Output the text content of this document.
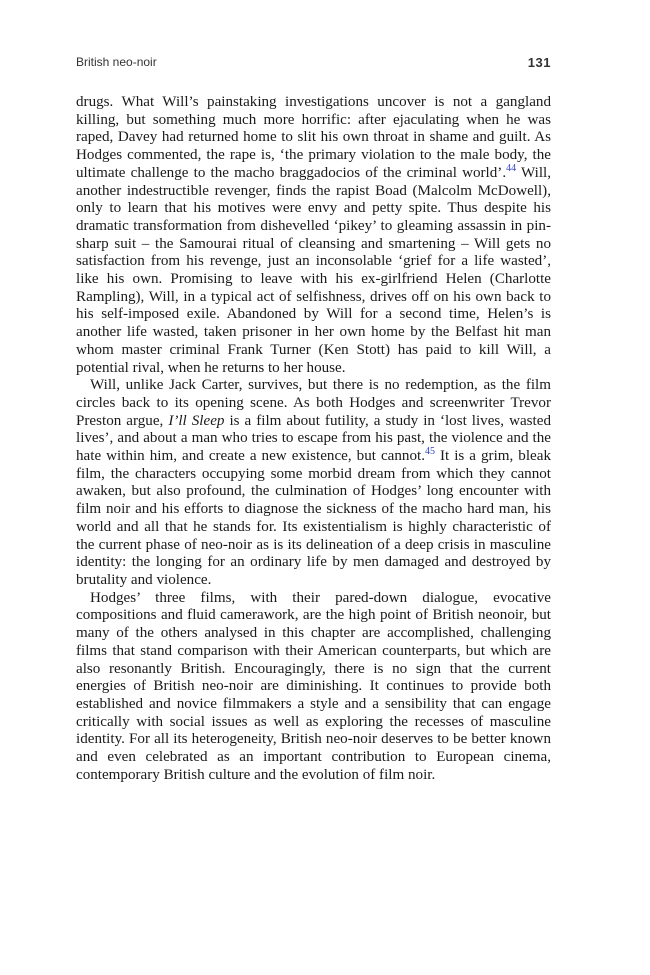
British neo-noir	131

drugs. What Will’s painstaking investigations uncover is not a gangland killing, but something much more horrific: after ejaculating when he was raped, Davey had returned home to slit his own throat in shame and guilt. As Hodges commented, the rape is, ‘the primary violation to the male body, the ultimate challenge to the macho braggadocios of the criminal world’.$^{44}$ Will, another indestructible revenger, finds the rapist Boad (Malcolm McDowell), only to learn that his motives were envy and petty spite. Thus despite his dramatic transformation from dishevelled ‘pikey’ to gleaming assassin in pin-sharp suit – the Samourai ritual of cleansing and smartening – Will gets no satisfaction from his revenge, just an inconsolable ‘grief for a life wasted’, like his own. Promising to leave with his ex-girlfriend Helen (Charlotte Rampling), Will, in a typical act of selfishness, drives off on his own back to his self-imposed exile. Abandoned by Will for a second time, Helen’s is another life wasted, taken prisoner in her own home by the Belfast hit man whom master criminal Frank Turner (Ken Stott) has paid to kill Will, a potential rival, when he returns to her house.

Will, unlike Jack Carter, survives, but there is no redemption, as the film circles back to its opening scene. As both Hodges and screenwriter Trevor Preston argue, I’ll Sleep is a film about futility, a study in ‘lost lives, wasted lives’, and about a man who tries to escape from his past, the violence and the hate within him, and create a new existence, but cannot.$^{45}$ It is a grim, bleak film, the characters occupying some morbid dream from which they cannot awaken, but also profound, the culmination of Hodges’ long encounter with film noir and his efforts to diagnose the sickness of the macho hard man, his world and all that he stands for. Its existentialism is highly characteristic of the current phase of neo-noir as is its delineation of a deep crisis in masculine identity: the longing for an ordinary life by men damaged and destroyed by brutality and violence.

Hodges’ three films, with their pared-down dialogue, evocative compositions and fluid camerawork, are the high point of British neonoir, but many of the others analysed in this chapter are accomplished, challenging films that stand comparison with their American counterparts, but which are also resonantly British. Encouragingly, there is no sign that the current energies of British neo-noir are diminishing. It continues to provide both established and novice filmmakers a style and a sensibility that can engage critically with social issues as well as exploring the recesses of masculine identity. For all its heterogeneity, British neo-noir deserves to be better known and even celebrated as an important contribution to European cinema, contemporary British culture and the evolution of film noir.
